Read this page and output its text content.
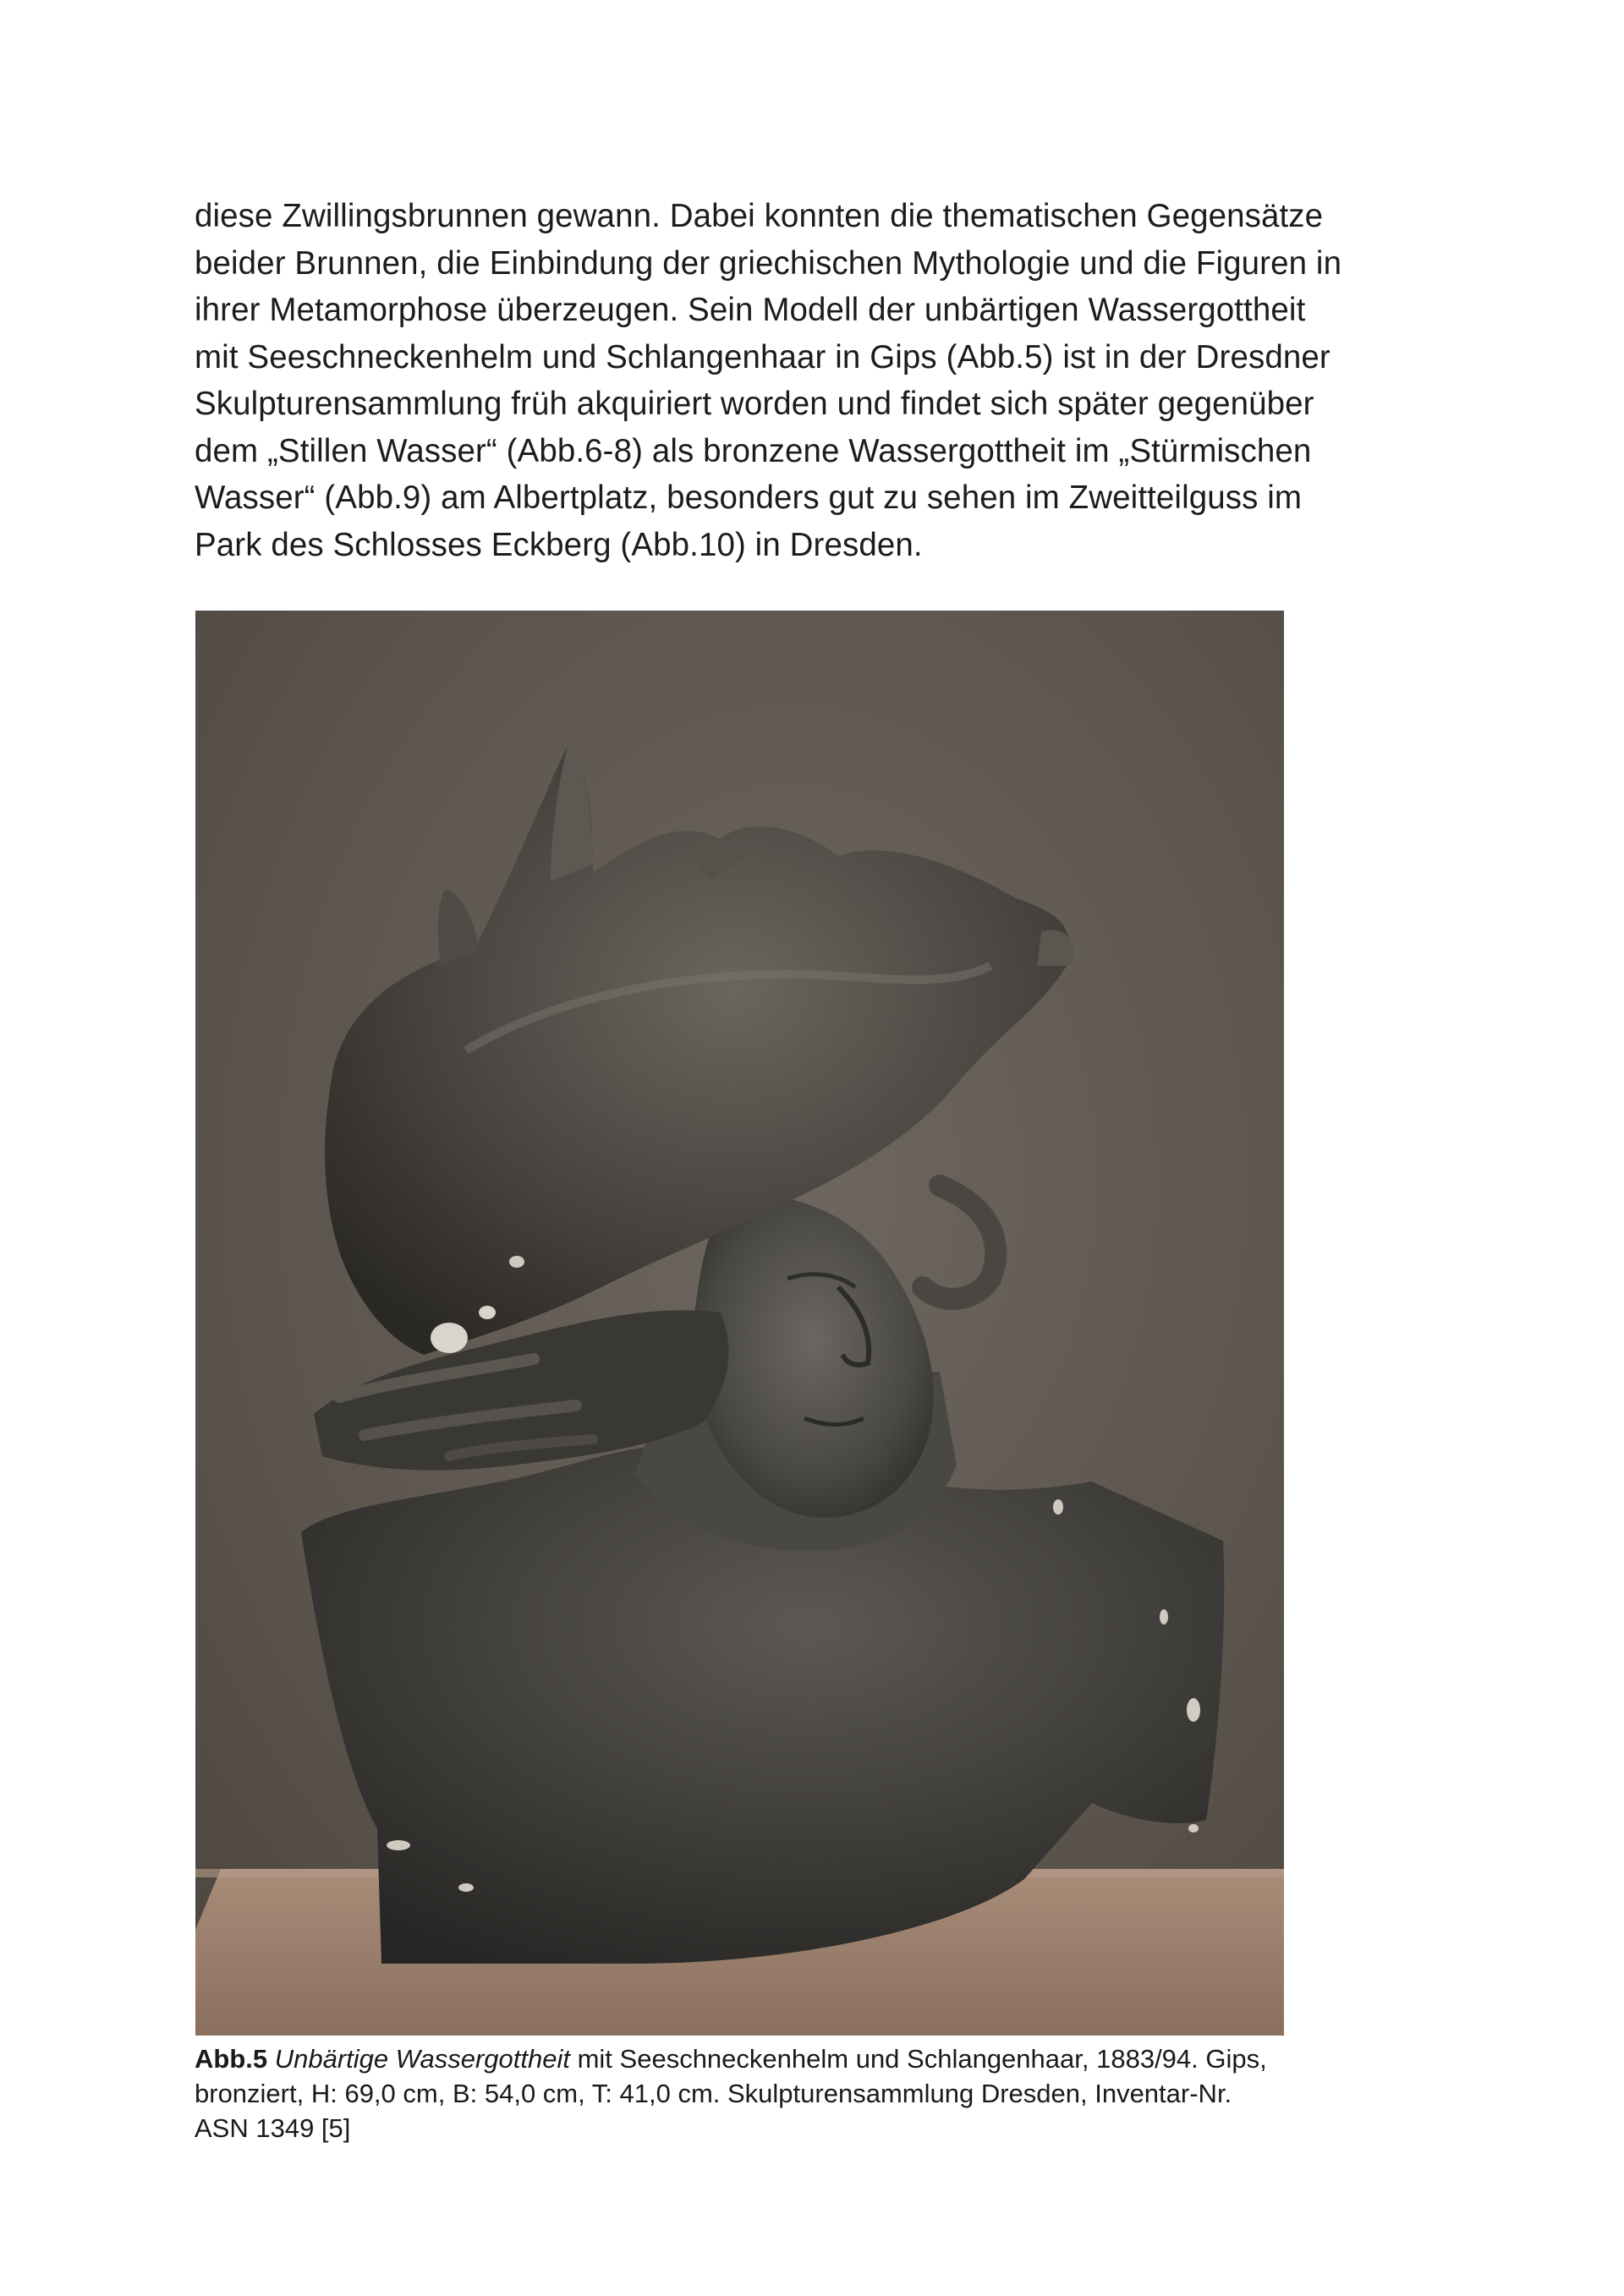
diese Zwillingsbrunnen gewann. Dabei konnten die thematischen Gegensätze
beider Brunnen, die Einbindung der griechischen Mythologie und die Figuren in
ihrer Metamorphose überzeugen. Sein Modell der unbärtigen Wassergottheit
mit Seeschneckenhelm und Schlangenhaar in Gips (Abb.5) ist in der Dresdner
Skulpturensammlung früh akquiriert worden und findet sich später gegenüber
dem „Stillen Wasser“ (Abb.6-8) als bronzene Wassergottheit im „Stürmischen
Wasser“ (Abb.9) am Albertplatz, besonders gut zu sehen im Zweitteilguss im
Park des Schlosses Eckberg (Abb.10) in Dresden.

Abb.5 Unbärtige Wassergottheit mit Seeschneckenhelm und Schlangenhaar, 1883/94. Gips,
bronziert, H: 69,0 cm, B: 54,0 cm, T: 41,0 cm. Skulpturensammlung Dresden, Inventar-Nr.
ASN 1349 [5]
